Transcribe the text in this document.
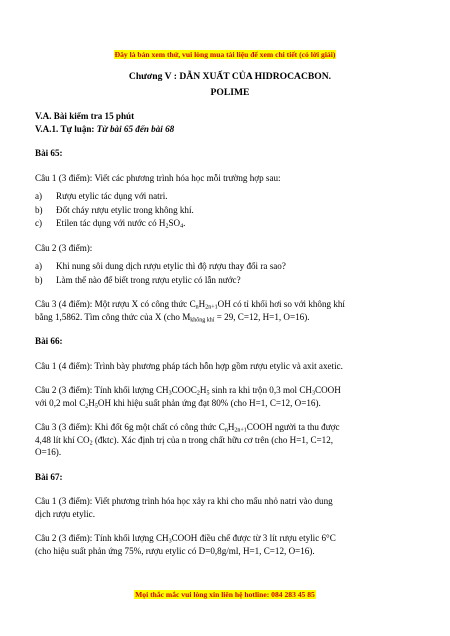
Đây là bản xem thử, vui lòng mua tài liệu để xem chi tiết (có lời giải)
Chương V : DẪN XUẤT CỦA HIDROCACBON.
POLIME

V.A. Bài kiểm tra 15 phút

V.A.1. Tự luận: Từ bài 65 đến bài 68

Bài 65:

Câu 1 (3 điểm): Viết các phương trình hóa học mỗi trường hợp sau:

a) Rượu etylic tác dụng với natri.
b) Đốt cháy rượu etylic trong không khí.
c) Etilen tác dụng với nước có $H_2SO_4$.

Câu 2 (3 điểm):

a) Khi nung sôi dung dịch rượu etylic thì độ rượu thay đổi ra sao?
b) Làm thế nào để biết trong rượu etylic có lẫn nước?

Câu 3 (4 điểm): Một rượu X có công thức $C_nH_{2n+1}OH$ có tỉ khối hơi so với không khí
bằng 1,5862. Tìm công thức của X (cho $M_{không khí} = 29$, C=12, H=1, O=16).

Bài 66:

Câu 1 (4 điểm): Trình bày phương pháp tách hỗn hợp gồm rượu etylic và axit axetic.

Câu 2 (3 điểm): Tính khối lượng $CH_3COOC_2H_5$ sinh ra khi trộn 0,3 mol $CH_3COOH$
với 0,2 mol $C_2H_5OH$ khi hiệu suất phản ứng đạt 80% (cho H=1, C=12, O=16).

Câu 3 (3 điểm): Khi đốt 6g một chất có công thức $C_nH_{2n+1}COOH$ người ta thu được
4,48 lít khí $CO_2$ (đktc). Xác định trị của n trong chất hữu cơ trên (cho H=1, C=12,
O=16).

Bài 67:

Câu 1 (3 điểm): Viết phương trình hóa học xảy ra khi cho mẩu nhỏ natri vào dung
dịch rượu etylic.

Câu 2 (3 điểm): Tính khối lượng $CH_3COOH$ điều chế được từ 3 lít rượu etylic 6°C
(cho hiệu suất phản ứng 75%, rượu etylic có D=0,8g/ml, H=1, C=12, O=16).

Mọi thắc mắc vui lòng xin liên hệ hotline: 084 283 45 85
